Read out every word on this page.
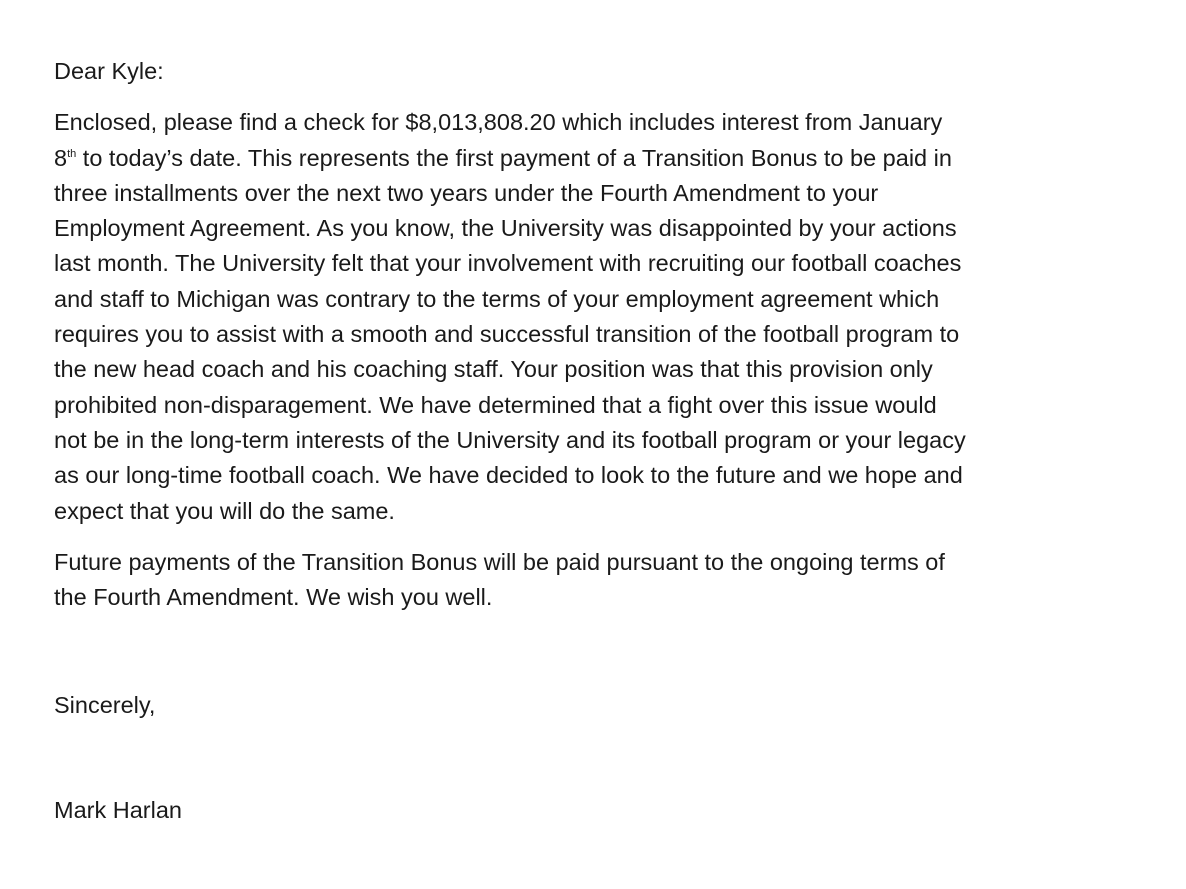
Dear Kyle:
Enclosed, please find a check for $8,013,808.20 which includes interest from January
8th to today’s date. This represents the first payment of a Transition Bonus to be paid in
three installments over the next two years under the Fourth Amendment to your
Employment Agreement. As you know, the University was disappointed by your actions
last month. The University felt that your involvement with recruiting our football coaches
and staff to Michigan was contrary to the terms of your employment agreement which
requires you to assist with a smooth and successful transition of the football program to
the new head coach and his coaching staff. Your position was that this provision only
prohibited non-disparagement. We have determined that a fight over this issue would
not be in the long-term interests of the University and its football program or your legacy
as our long-time football coach. We have decided to look to the future and we hope and
expect that you will do the same.
Future payments of the Transition Bonus will be paid pursuant to the ongoing terms of
the Fourth Amendment. We wish you well.
Sincerely,
Mark Harlan
